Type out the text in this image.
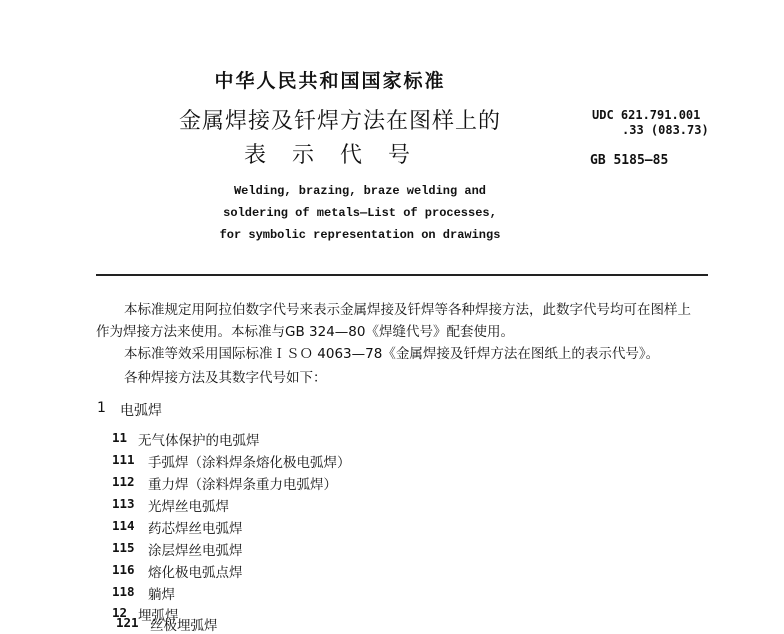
中华人民共和国国家标准
金属焊接及钎焊方法在图样上的
表示代号
UDC 621.791.001
.33 (083.73)
GB 5185—85
Welding, brazing, braze welding and
soldering of metals—List of processes,
for symbolic representation on drawings
本标准规定用阿拉伯数字代号来表示金属焊接及钎焊等各种焊接方法，此数字代号均可在图样上
作为焊接方法来使用。本标准与GB 324—80《焊缝代号》配套使用。
本标准等效采用国际标准ＩＳＯ 4063—78《金属焊接及钎焊方法在图纸上的表示代号》。
各种焊接方法及其数字代号如下：
1 电弧焊
11 无气体保护的电弧焊
111 手弧焊（涂料焊条熔化极电弧焊）
112 重力焊（涂料焊条重力电弧焊）
113 光焊丝电弧焊
114 药芯焊丝电弧焊
115 涂层焊丝电弧焊
116 熔化极电弧点焊
118 躺焊
12 埋弧焊
121 丝极埋弧焊
